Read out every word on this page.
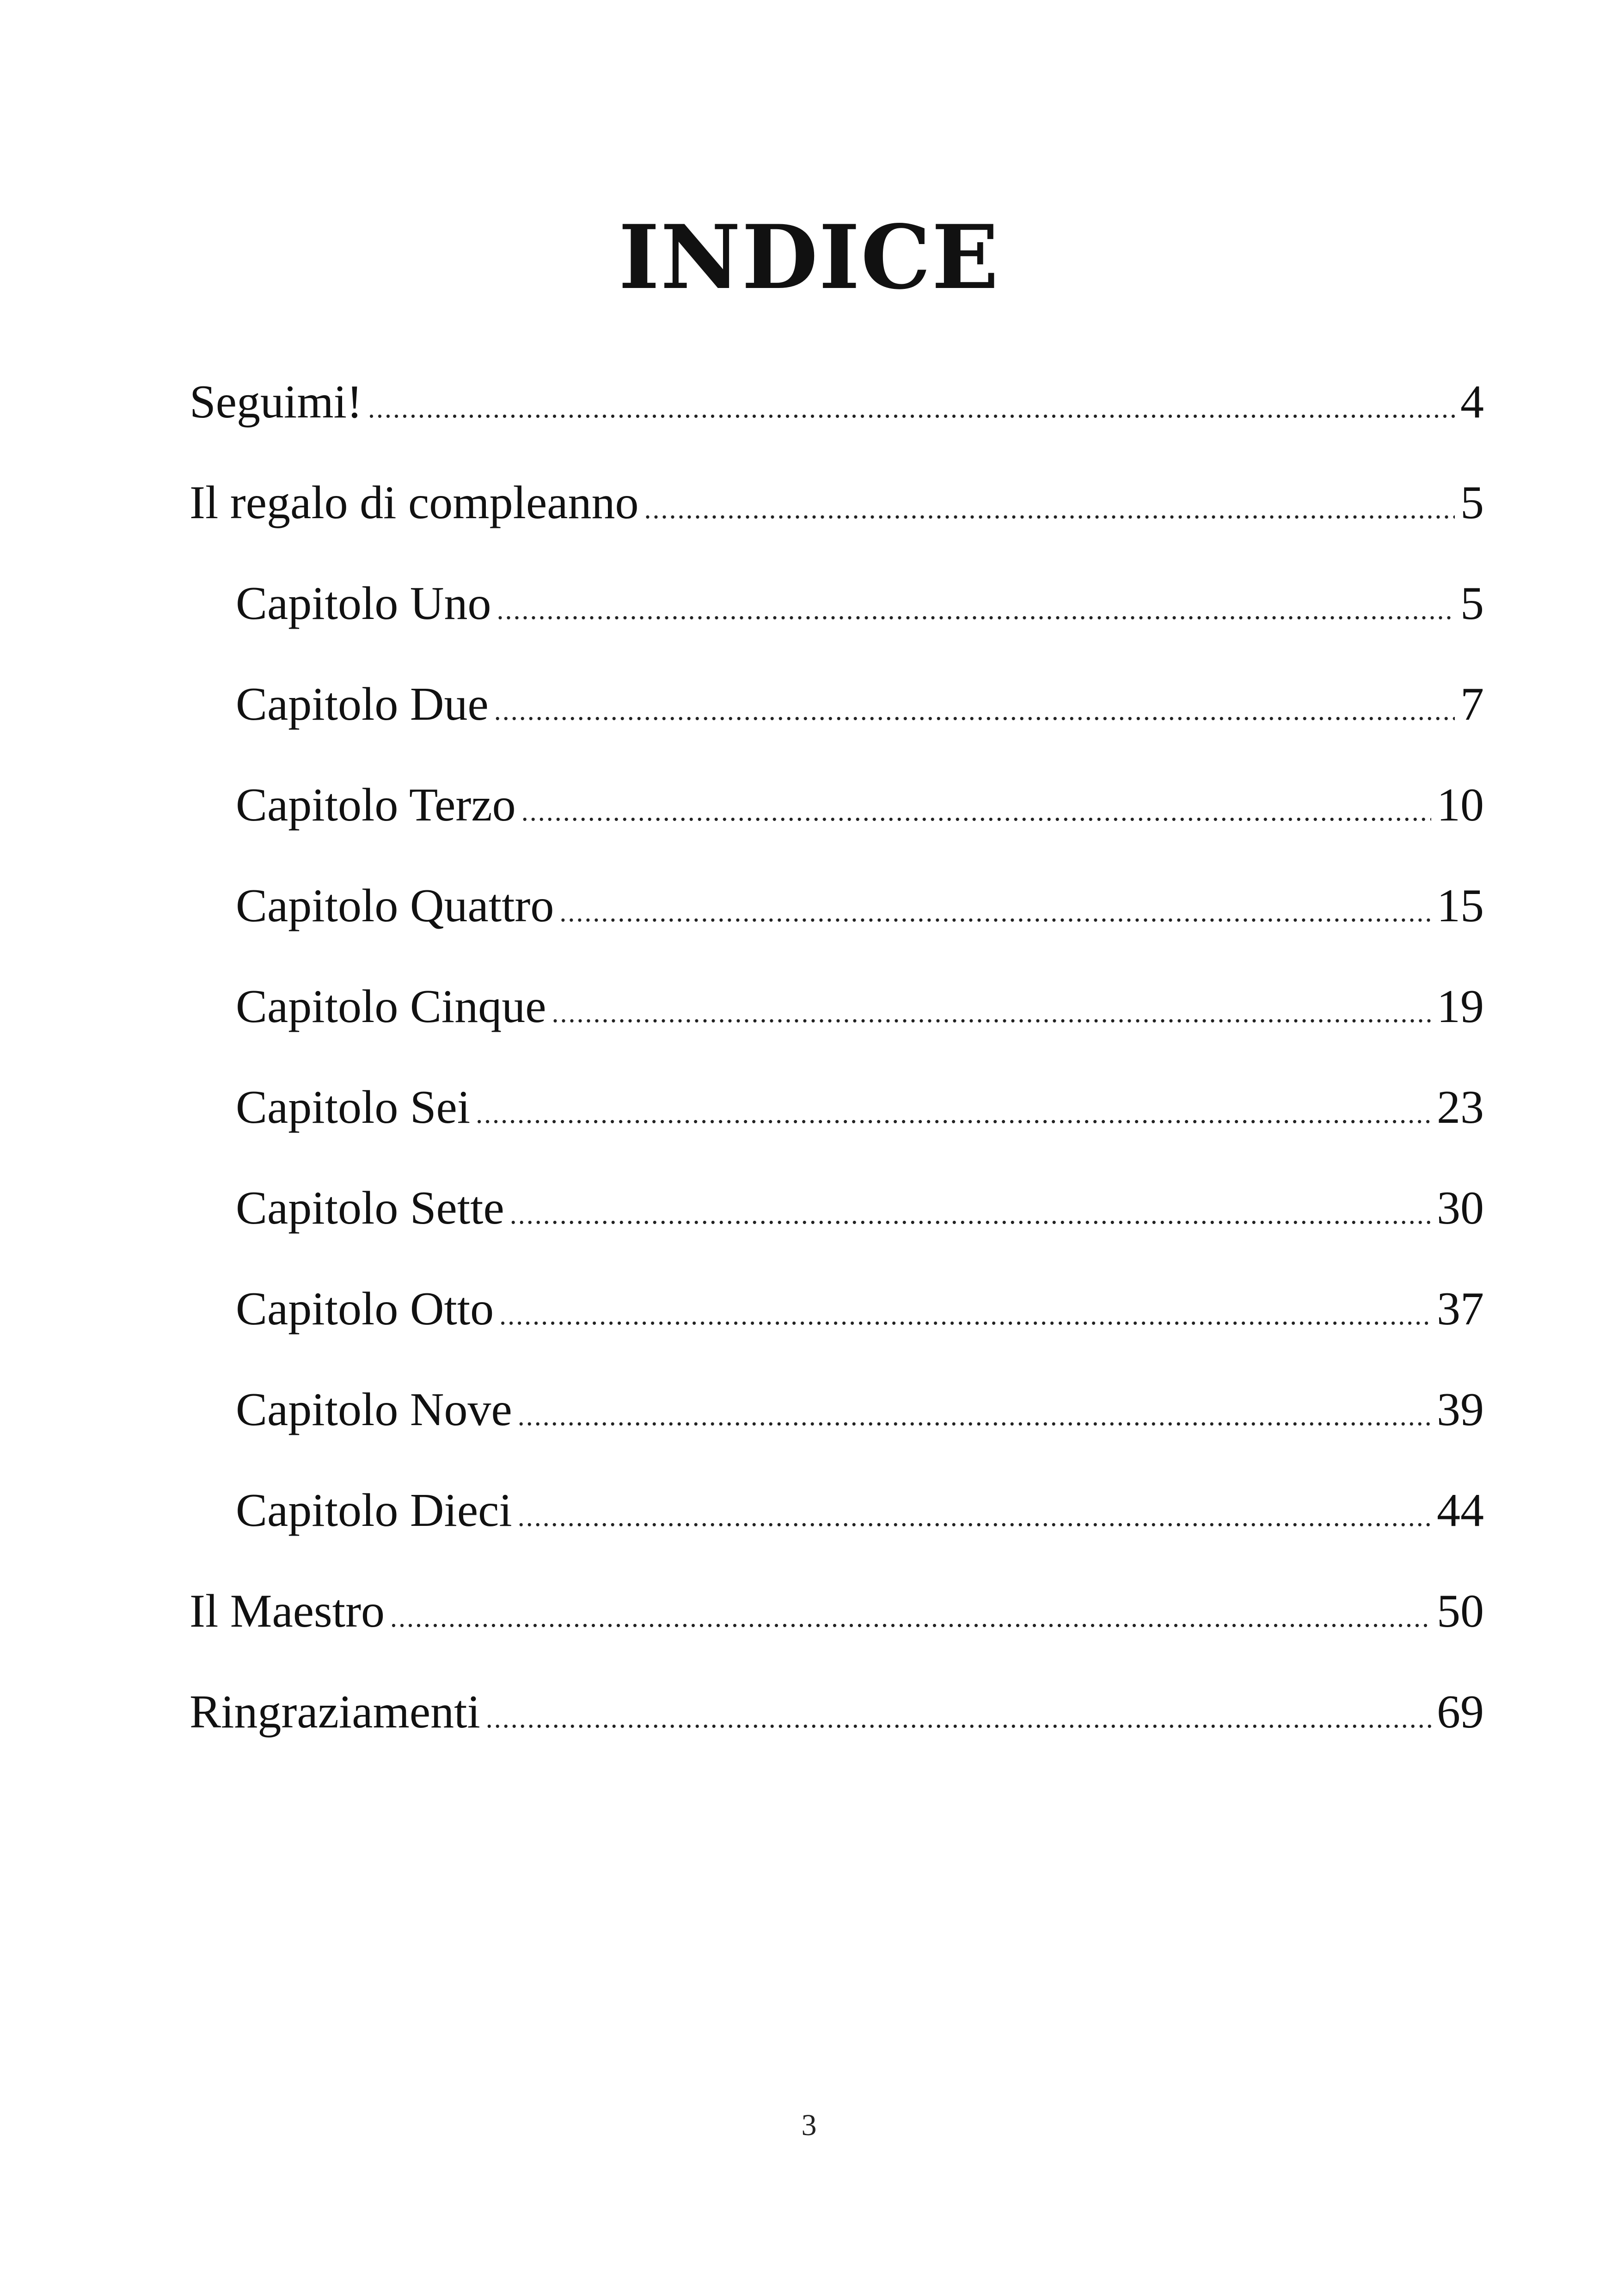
INDICE
Seguimi! .....	4
Il regalo di compleanno .....	5
Capitolo Uno .....	5
Capitolo Due .....	7
Capitolo Terzo .....	10
Capitolo Quattro .....	15
Capitolo Cinque .....	19
Capitolo Sei .....	23
Capitolo Sette .....	30
Capitolo Otto .....	37
Capitolo Nove .....	39
Capitolo Dieci .....	44
Il Maestro .....	50
Ringraziamenti .....	69
3
